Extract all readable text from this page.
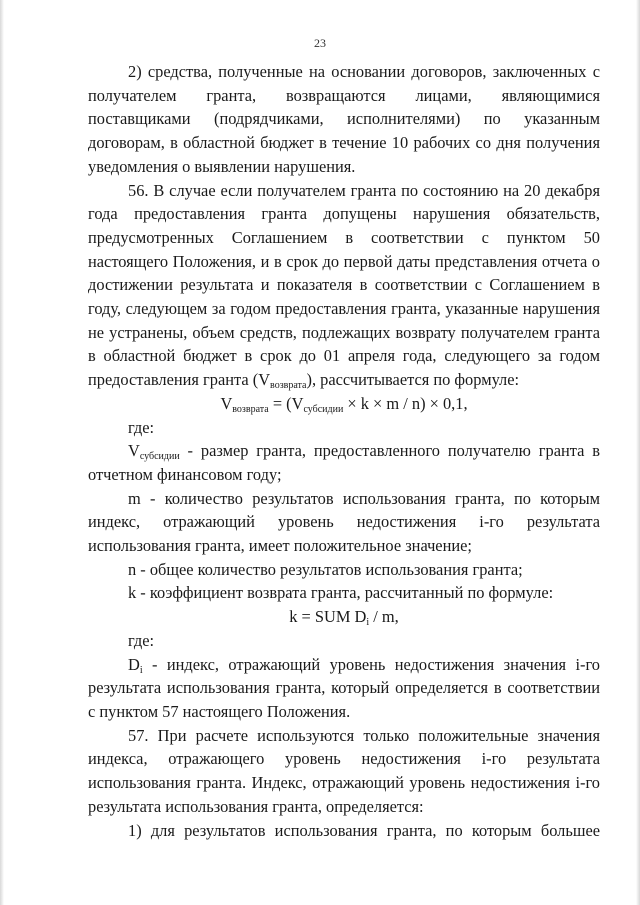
23

2) средства, полученные на основании договоров, заключенных с получателем гранта, возвращаются лицами, являющимися поставщиками (подрядчиками, исполнителями) по указанным договорам, в областной бюджет в течение 10 рабочих со дня получения уведомления о выявлении нарушения.

56. В случае если получателем гранта по состоянию на 20 декабря года предоставления гранта допущены нарушения обязательств, предусмотренных Соглашением в соответствии с пунктом 50 настоящего Положения, и в срок до первой даты представления отчета о достижении результата и показателя в соответствии с Соглашением в году, следующем за годом предоставления гранта, указанные нарушения не устранены, объем средств, подлежащих возврату получателем гранта в областной бюджет в срок до 01 апреля года, следующего за годом предоставления гранта $(V_{возврата})$, рассчитывается по формуле:

$V_{возврата} = (V_{субсидии} \times k \times m / n) \times 0,1$,

где:

$V_{субсидии}$ - размер гранта, предоставленного получателю гранта в отчетном финансовом году;

m - количество результатов использования гранта, по которым индекс, отражающий уровень недостижения i-го результата использования гранта, имеет положительное значение;

n - общее количество результатов использования гранта;

k - коэффициент возврата гранта, рассчитанный по формуле:

k = SUM $D_i$ / m,

где:

$D_i$ - индекс, отражающий уровень недостижения значения i-го результата использования гранта, который определяется в соответствии с пунктом 57 настоящего Положения.

57. При расчете используются только положительные значения индекса, отражающего уровень недостижения i-го результата использования гранта. Индекс, отражающий уровень недостижения i-го результата использования гранта, определяется:

1) для результатов использования гранта, по которым большее
